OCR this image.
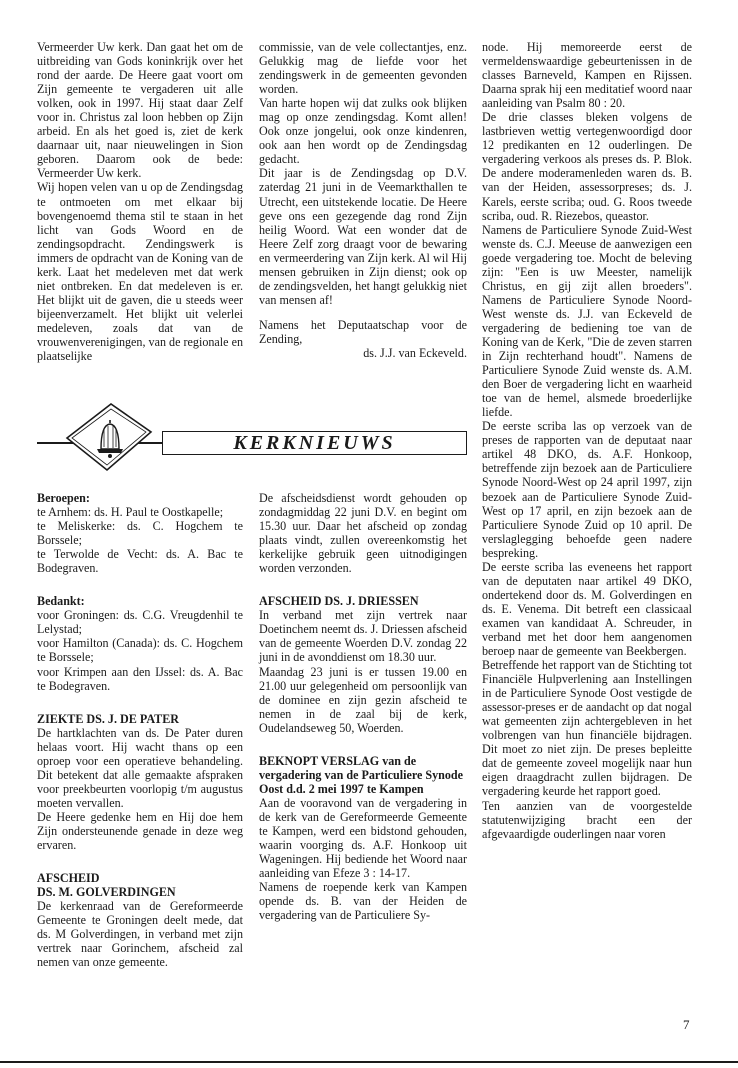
Vermeerder Uw kerk. Dan gaat het om de uitbreiding van Gods koninkrijk over het rond der aarde. De Heere gaat voort om Zijn gemeente te vergaderen uit alle volken, ook in 1997. Hij staat daar Zelf voor in. Christus zal loon hebben op Zijn arbeid. En als het goed is, ziet de kerk daarnaar uit, naar nieuwelingen in Sion geboren. Daarom ook de bede: Vermeerder Uw kerk.

Wij hopen velen van u op de Zendingsdag te ontmoeten om met elkaar bij bovengenoemd thema stil te staan in het licht van Gods Woord en de zendingsopdracht. Zendingswerk is immers de opdracht van de Koning van de kerk. Laat het medeleven met dat werk niet ontbreken. En dat medeleven is er. Het blijkt uit de gaven, die u steeds weer bijeenverzamelt. Het blijkt uit velerlei medeleven, zoals dat van de vrouwenverenigingen, van de regionale en plaatselijke

commissie, van de vele collectantjes, enz. Gelukkig mag de liefde voor het zendingswerk in de gemeenten gevonden worden.

Van harte hopen wij dat zulks ook blijken mag op onze zendingsdag. Komt allen! Ook onze jongelui, ook onze kindenren, ook aan hen wordt op de Zendingsdag gedacht.

Dit jaar is de Zendingsdag op D.V. zaterdag 21 juni in de Veemarkthallen te Utrecht, een uitstekende locatie. De Heere geve ons een gezegende dag rond Zijn heilig Woord. Wat een wonder dat de Heere Zelf zorg draagt voor de bewaring en vermeerdering van Zijn kerk. Al wil Hij mensen gebruiken in Zijn dienst; ook op de zendingsvelden, het hangt gelukkig niet van mensen af!

Namens het Deputaatschap voor de Zending,

ds. J.J. van Eckeveld.

KERKNIEUWS

node. Hij memoreerde eerst de vermeldenswaardige gebeurtenissen in de classes Barneveld, Kampen en Rijssen. Daarna sprak hij een meditatief woord naar aanleiding van Psalm 80 : 20.

De drie classes bleken volgens de lastbrieven wettig vertegenwoordigd door 12 predikanten en 12 ouderlingen. De vergadering verkoos als preses ds. P. Blok. De andere moderamenleden waren ds. B. van der Heiden, assessorpreses; ds. J. Karels, eerste scriba; oud. G. Roos tweede scriba, oud. R. Riezebos, queastor.

Namens de Particuliere Synode Zuid-West wenste ds. C.J. Meeuse de aanwezigen een goede vergadering toe. Mocht de beleving zijn: "Een is uw Meester, namelijk Christus, en gij zijt allen broeders". Namens de Particuliere Synode Noord-West wenste ds. J.J. van Eckeveld de vergadering de bediening toe van de Koning van de Kerk, "Die de zeven starren in Zijn rechterhand houdt". Namens de Particuliere Synode Zuid wenste ds. A.M. den Boer de vergadering licht en waarheid toe van de hemel, alsmede broederlijke liefde.

De eerste scriba las op verzoek van de preses de rapporten van de deputaat naar artikel 48 DKO, ds. A.F. Honkoop, betreffende zijn bezoek aan de Particuliere Synode Noord-West op 24 april 1997, zijn bezoek aan de Particuliere Synode Zuid-West op 17 april, en zijn bezoek aan de Particuliere Synode Zuid op 10 april. De verslaglegging behoefde geen nadere bespreking.

De eerste scriba las eveneens het rapport van de deputaten naar artikel 49 DKO, ondertekend door ds. M. Golverdingen en ds. E. Venema. Dit betreft een classicaal examen van kandidaat A. Schreuder, in verband met het door hem aangenomen beroep naar de gemeente van Beekbergen.

Betreffende het rapport van de Stichting tot Financiële Hulpverlening aan Instellingen in de Particuliere Synode Oost vestigde de assessor-preses er de aandacht op dat nogal wat gemeenten zijn achtergebleven in het volbrengen van hun financiële bijdragen. Dit moet zo niet zijn. De preses bepleitte dat de gemeente zoveel mogelijk naar hun eigen draagdracht zullen bijdragen. De vergadering keurde het rapport goed.

Ten aanzien van de voorgestelde statutenwijziging bracht een der afgevaardigde ouderlingen naar voren

Beroepen:

te Arnhem: ds. H. Paul te Oostkapelle;

te Meliskerke: ds. C. Hogchem te Borssele;

te Terwolde de Vecht: ds. A. Bac te Bodegraven.

Bedankt:

voor Groningen: ds. C.G. Vreugdenhil te Lelystad;

voor Hamilton (Canada): ds. C. Hogchem te Borssele;

voor Krimpen aan den IJssel: ds. A. Bac te Bodegraven.

ZIEKTE DS. J. DE PATER

De hartklachten van ds. De Pater duren helaas voort. Hij wacht thans op een oproep voor een operatieve behandeling. Dit betekent dat alle gemaakte afspraken voor preekbeurten voorlopig t/m augustus moeten vervallen.

De Heere gedenke hem en Hij doe hem Zijn ondersteunende genade in deze weg ervaren.

AFSCHEID
DS. M. GOLVERDINGEN

De kerkenraad van de Gereformeerde Gemeente te Groningen deelt mede, dat ds. M Golverdingen, in verband met zijn vertrek naar Gorinchem, afscheid zal nemen van onze gemeente.

De afscheidsdienst wordt gehouden op zondagmiddag 22 juni D.V. en begint om 15.30 uur. Daar het afscheid op zondag plaats vindt, zullen overeenkomstig het kerkelijke gebruik geen uitnodigingen worden verzonden.

AFSCHEID DS. J. DRIESSEN

In verband met zijn vertrek naar Doetinchem neemt ds. J. Driessen afscheid van de gemeente Woerden D.V. zondag 22 juni in de avonddienst om 18.30 uur.

Maandag 23 juni is er tussen 19.00 en 21.00 uur gelegenheid om persoonlijk van de dominee en zijn gezin afscheid te nemen in de zaal bij de kerk, Oudelandseweg 50, Woerden.

BEKNOPT VERSLAG van de vergadering van de Particuliere Synode Oost d.d. 2 mei 1997 te Kampen

Aan de vooravond van de vergadering in de kerk van de Gereformeerde Gemeente te Kampen, werd een bidstond gehouden, waarin voorging ds. A.F. Honkoop uit Wageningen. Hij bediende het Woord naar aanleiding van Efeze 3 : 14-17.

Namens de roepende kerk van Kampen opende ds. B. van der Heiden de vergadering van de Particuliere Sy-

7
